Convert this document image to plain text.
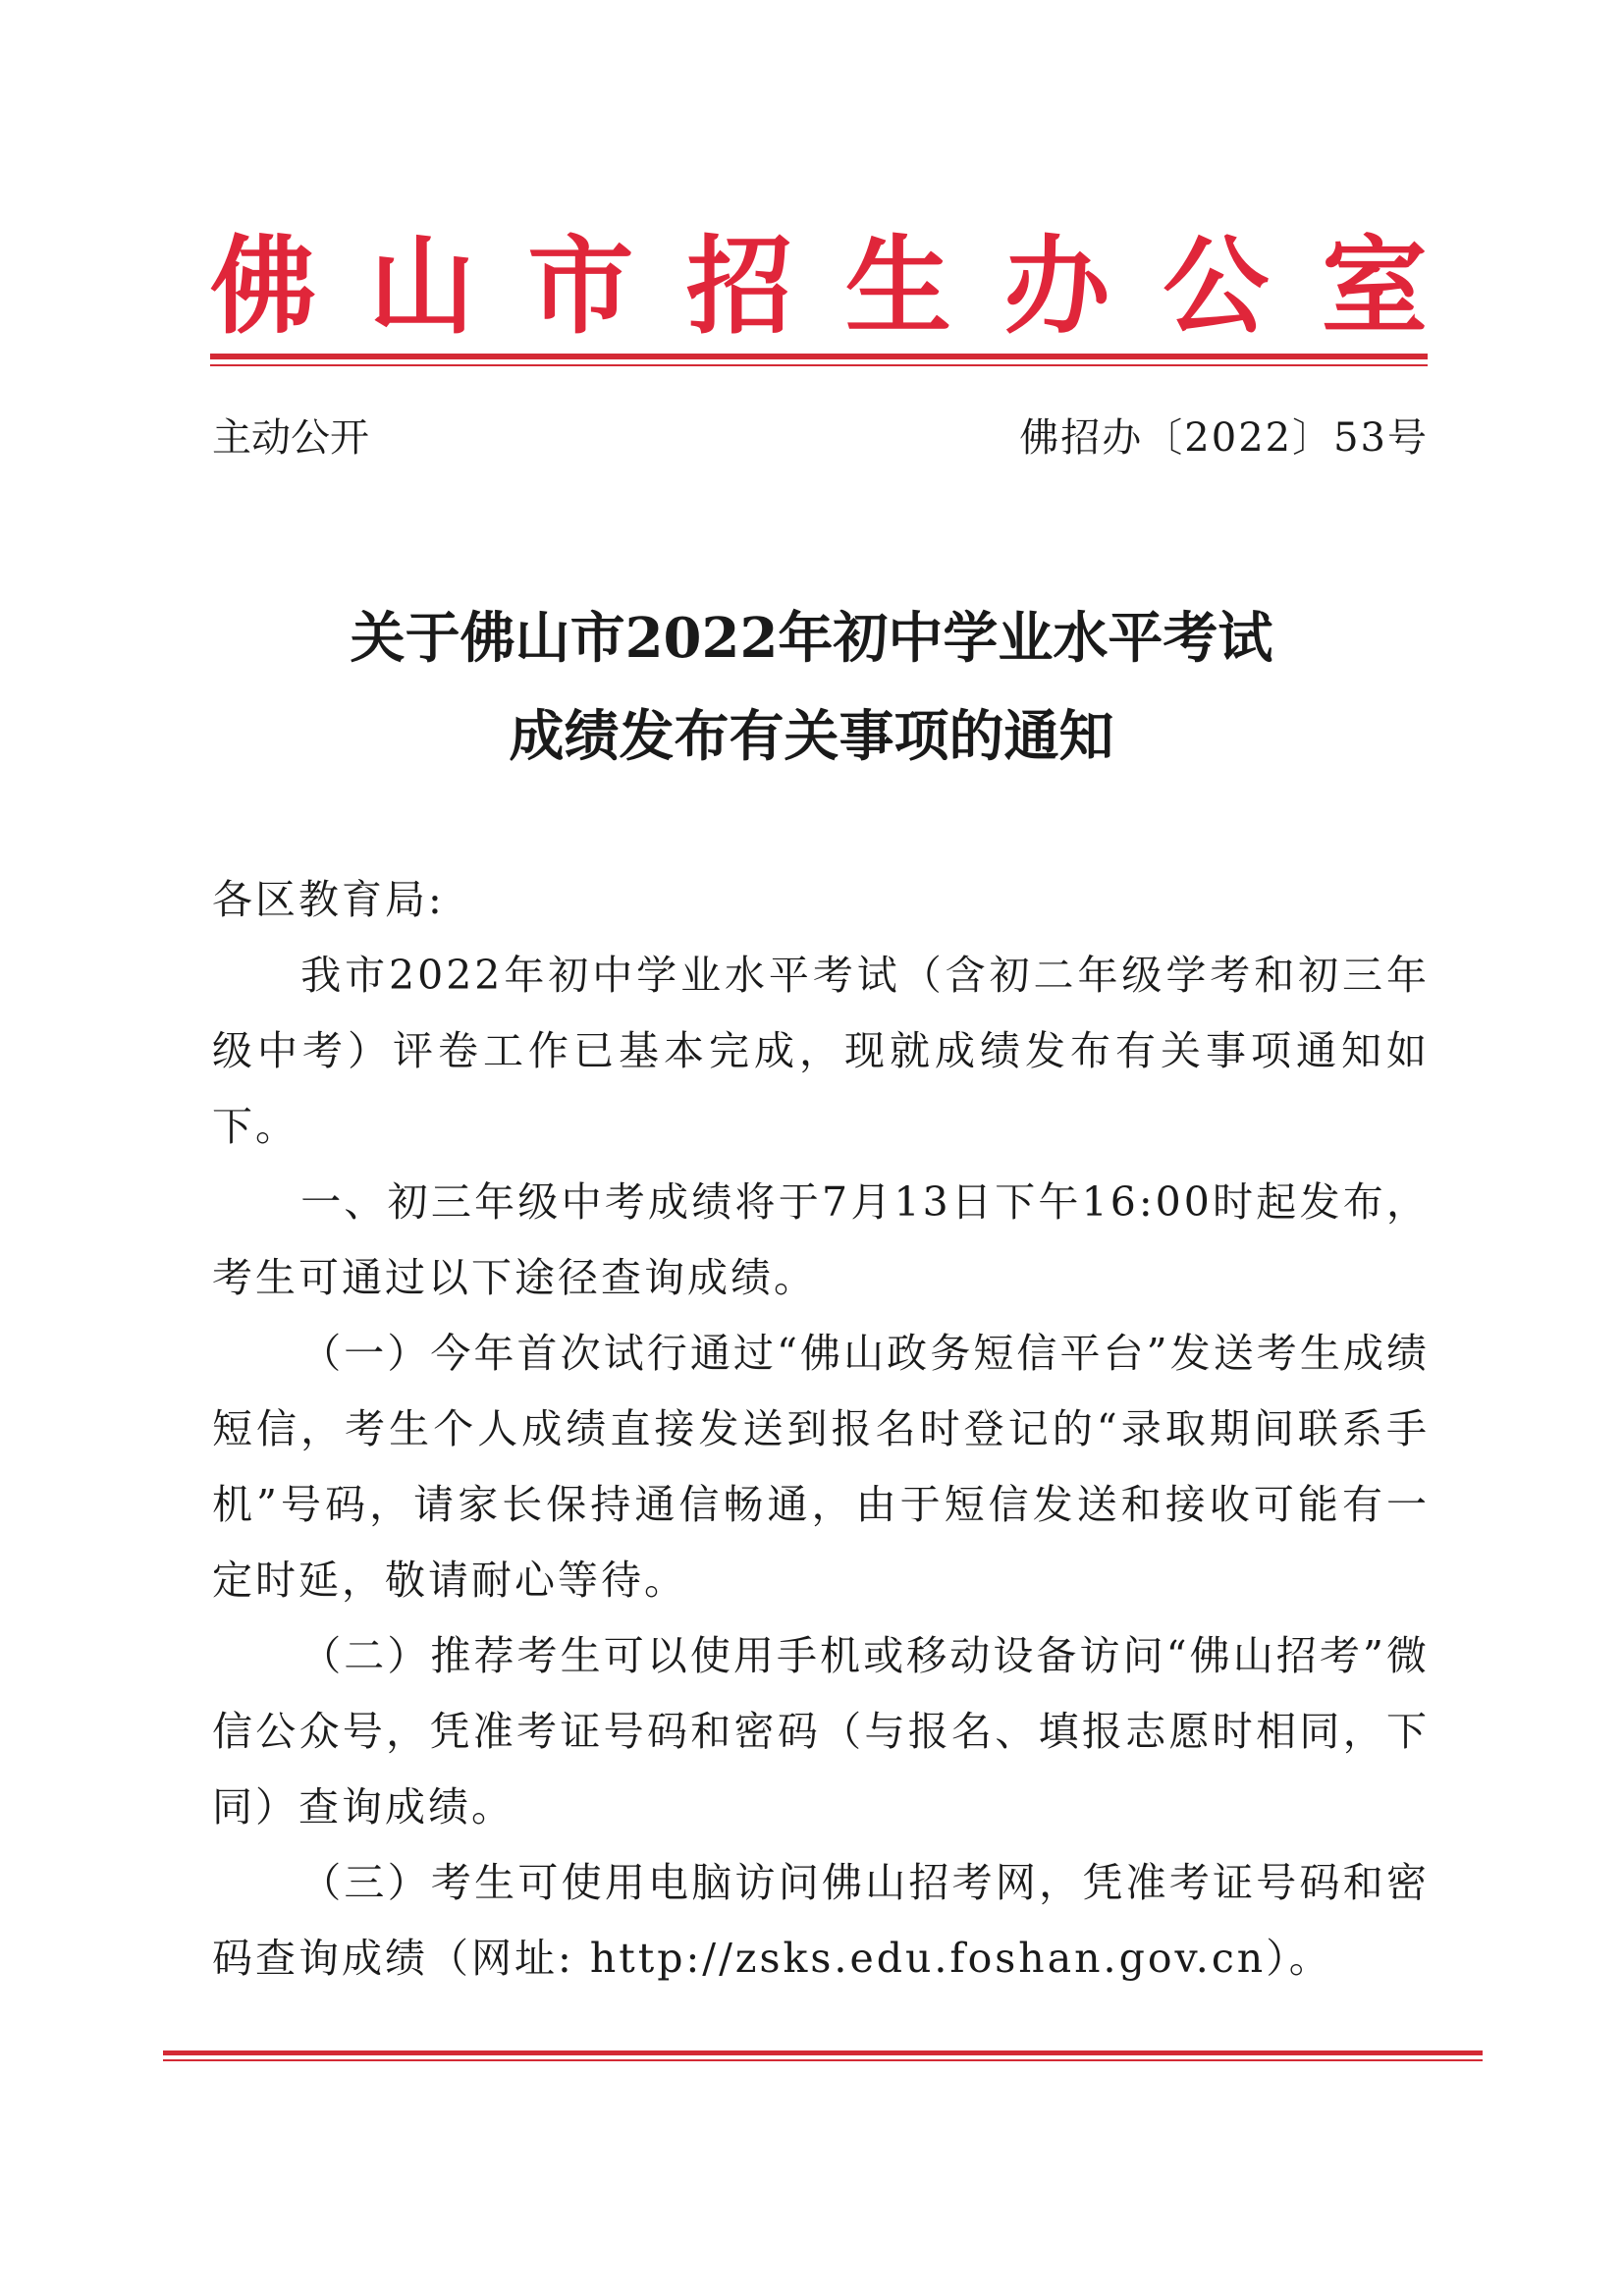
佛 山 市 招 生 办 公 室
主动公开	佛招办〔2022〕53号
关于佛山市2022年初中学业水平考试
成绩发布有关事项的通知

各区教育局:

我市2022年初中学业水平考试（含初二年级学考和初三年级中考）评卷工作已基本完成，现就成绩发布有关事项通知如下。

一、初三年级中考成绩将于7月13日下午16:00时起发布，考生可通过以下途径查询成绩。

（一）今年首次试行通过“佛山政务短信平台”发送考生成绩短信，考生个人成绩直接发送到报名时登记的“录取期间联系手机”号码，请家长保持通信畅通，由于短信发送和接收可能有一定时延，敬请耐心等待。

（二）推荐考生可以使用手机或移动设备访问“佛山招考”微信公众号，凭准考证号码和密码（与报名、填报志愿时相同，下同）查询成绩。

（三）考生可使用电脑访问佛山招考网，凭准考证号码和密码查询成绩（网址: http://zsks.edu.foshan.gov.cn）。
